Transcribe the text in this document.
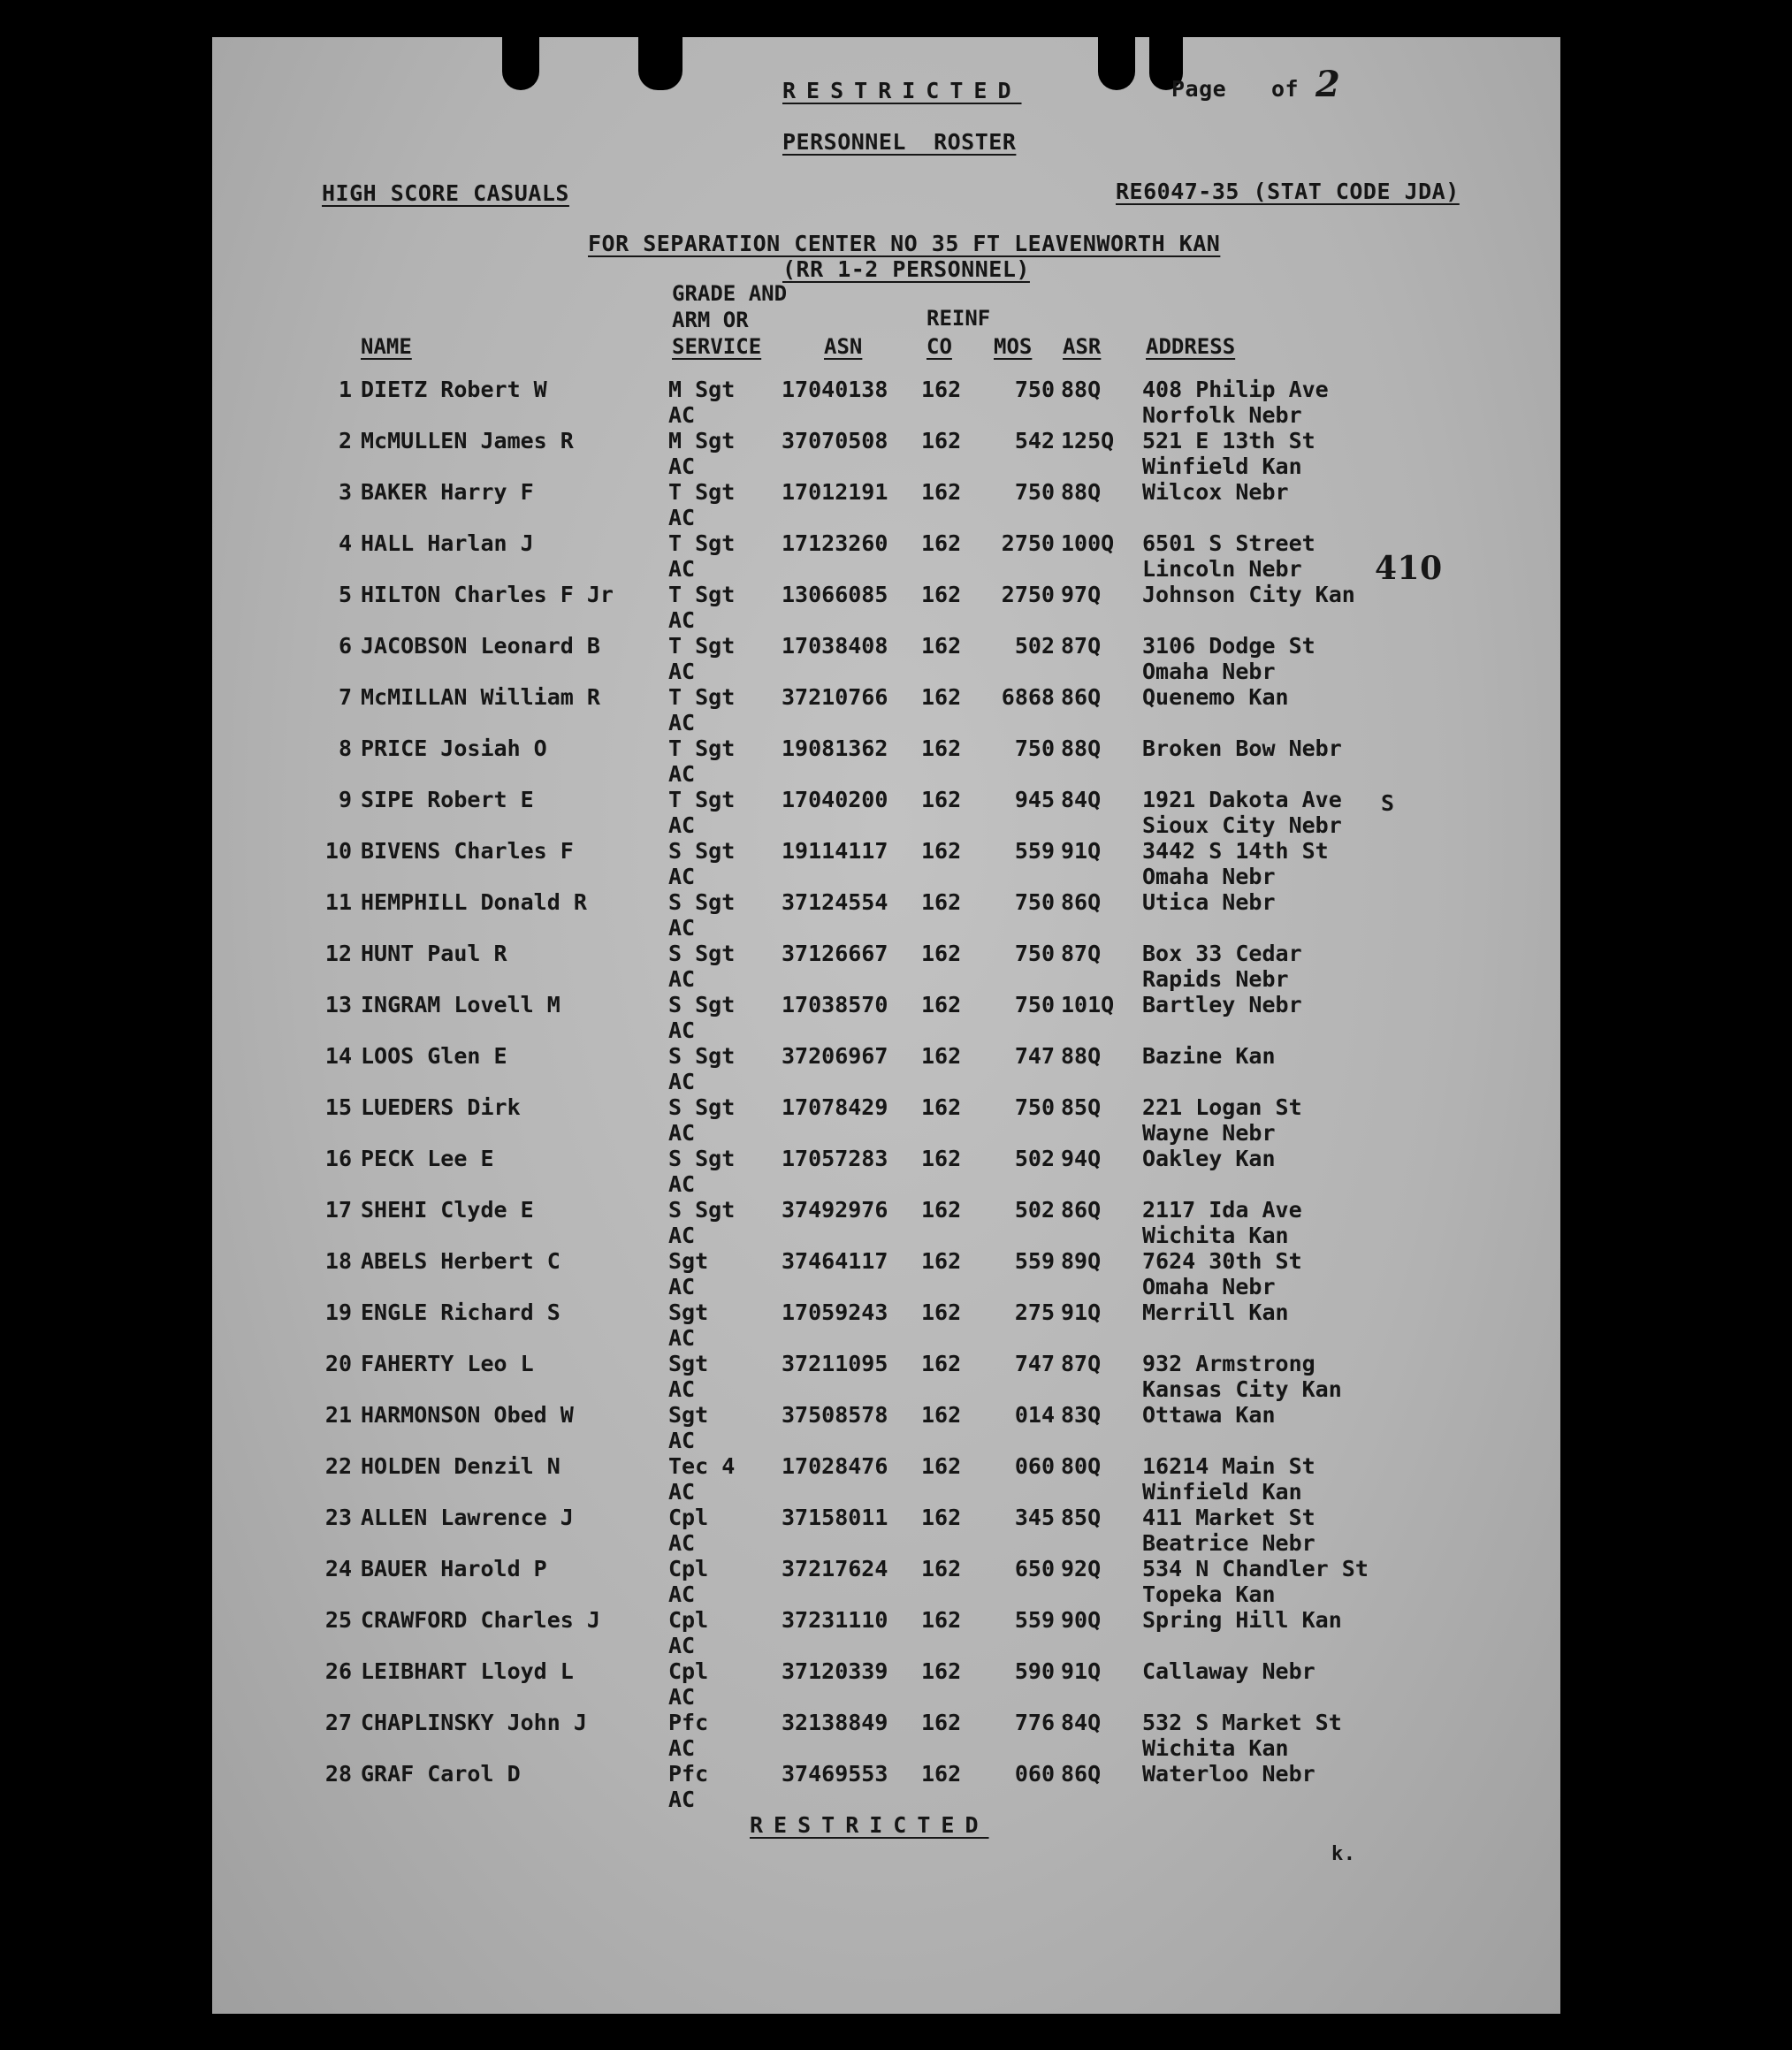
RESTRICTED	Page of 2
PERSONNEL  ROSTER
HIGH SCORE CASUALS	RE6047-35 (STAT CODE JDA)
FOR SEPARATION CENTER NO 35 FT LEAVENWORTH KAN
(RR 1-2 PERSONNEL)
GRADE AND
ARM OR
SERVICE
REINF
NAME	ASN	CO MOS ASR ADDRESS
1 DIETZ Robert W	M Sgt 17040138 162	750 88Q 408 Philip Ave
AC	Norfolk Nebr
2 McMULLEN James R	M Sgt 37070508 162	542 125Q 521 E 13th St
AC	Winfield Kan
3 BAKER Harry F	T Sgt 17012191 162	750 88Q Wilcox Nebr
AC
4 HALL Harlan J	T Sgt 17123260 162	2750 100Q 6501 S Street
AC	Lincoln Nebr
5 HILTON Charles F Jr T Sgt 13066085 162	2750 97Q Johnson City Kan
AC
6 JACOBSON Leonard B	T Sgt 17038408 162	502 87Q 3106 Dodge St
AC	Omaha Nebr
7 McMILLAN William R	T Sgt 37210766 162	6868 86Q Quenemo Kan
AC
8 PRICE Josiah O	T Sgt 19081362 162	750 88Q Broken Bow Nebr
AC
9 SIPE Robert E	T Sgt 17040200 162	945 84Q 1921 Dakota Ave
AC	Sioux City Nebr
10 BIVENS Charles F	S Sgt 19114117 162	559 91Q 3442 S 14th St
AC	Omaha Nebr
11 HEMPHILL Donald R	S Sgt 37124554 162	750 86Q Utica Nebr
AC
12 HUNT Paul R	S Sgt 37126667 162	750 87Q Box 33 Cedar
AC	Rapids Nebr
13 INGRAM Lovell M	S Sgt 17038570 162	750 101Q Bartley Nebr
AC
14 LOOS Glen E	S Sgt 37206967 162	747 88Q Bazine Kan
AC
15 LUEDERS Dirk	S Sgt 17078429 162	750 85Q 221 Logan St
AC	Wayne Nebr
16 PECK Lee E	S Sgt 17057283 162	502 94Q Oakley Kan
AC
17 SHEHI Clyde E	S Sgt 37492976 162	502 86Q 2117 Ida Ave
AC	Wichita Kan
18 ABELS Herbert C	Sgt	37464117 162	559 89Q 7624 30th St
AC	Omaha Nebr
19 ENGLE Richard S	Sgt	17059243 162	275 91Q Merrill Kan
AC
20 FAHERTY Leo L	Sgt	37211095 162	747 87Q 932 Armstrong
AC	Kansas City Kan
21 HARMONSON Obed W	Sgt	37508578 162	014 83Q Ottawa Kan
AC
22 HOLDEN Denzil N	Tec 4 17028476 162	060 80Q 16214 Main St
AC	Winfield Kan
23 ALLEN Lawrence J	Cpl	37158011 162	345 85Q 411 Market St
AC	Beatrice Nebr
24 BAUER Harold P	Cpl	37217624 162	650 92Q 534 N Chandler St
AC	Topeka Kan
25 CRAWFORD Charles J	Cpl	37231110 162	559 90Q Spring Hill Kan
AC
26 LEIBHART Lloyd L	Cpl	37120339 162	590 91Q Callaway Nebr
AC
27 CHAPLINSKY John J	Pfc	32138849 162	776 84Q 532 S Market St
AC	Wichita Kan
28 GRAF Carol D	Pfc	37469553 162	060 86Q Waterloo Nebr
AC
RESTRICTED
410
S
k.
